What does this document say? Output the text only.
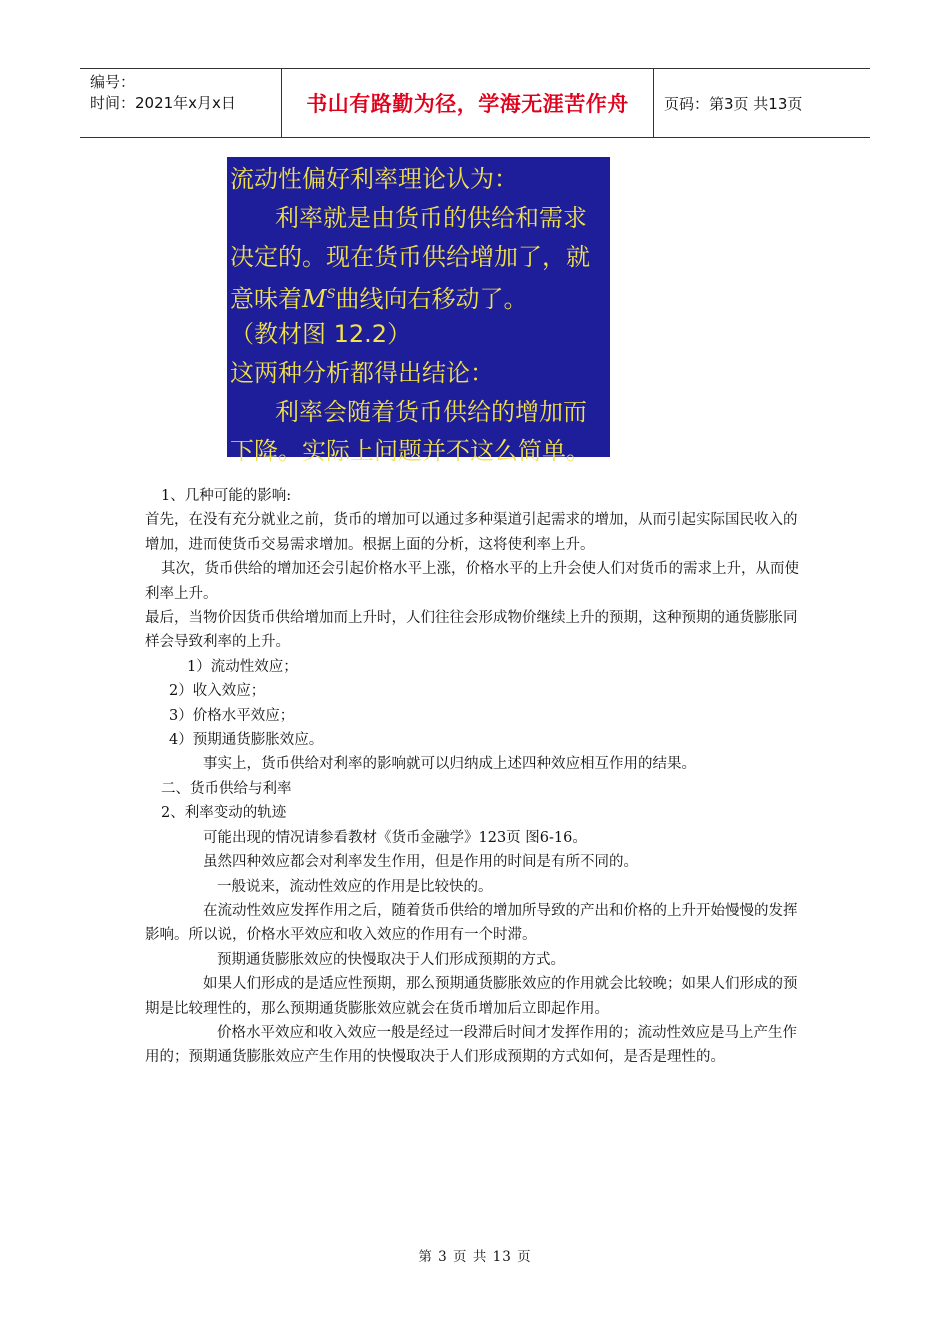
编号：
时间：2021年x月x日	书山有路勤为径，学海无涯苦作舟	页码：第3页 共13页
流动性偏好利率理论认为：
利率就是由货币的供给和需求
决定的。现在货币供给增加了，就
意味着$M^S$曲线向右移动了。
（教材图 12.2）
这两种分析都得出结论：
利率会随着货币供给的增加而
下降。实际上问题并不这么简单。

1、几种可能的影响:

首先，在没有充分就业之前，货币的增加可以通过多种渠道引起需求的增加，从而引起实际国民收入的增加，进而使货币交易需求增加。根据上面的分析，这将使利率上升。

其次，货币供给的增加还会引起价格水平上涨，价格水平的上升会使人们对货币的需求上升，从而使利率上升。

最后，当物价因货币供给增加而上升时，人们往往会形成物价继续上升的预期，这种预期的通货膨胀同样会导致利率的上升。

1）流动性效应；

2）收入效应；

3）价格水平效应；

4）预期通货膨胀效应。

事实上，货币供给对利率的影响就可以归纳成上述四种效应相互作用的结果。

二、货币供给与利率

2、利率变动的轨迹

可能出现的情况请参看教材《货币金融学》123页 图6-16。

虽然四种效应都会对利率发生作用，但是作用的时间是有所不同的。

一般说来，流动性效应的作用是比较快的。

在流动性效应发挥作用之后，随着货币供给的增加所导致的产出和价格的上升开始慢慢的发挥影响。所以说，价格水平效应和收入效应的作用有一个时滞。

预期通货膨胀效应的快慢取决于人们形成预期的方式。

如果人们形成的是适应性预期，那么预期通货膨胀效应的作用就会比较晚；如果人们形成的预期是比较理性的，那么预期通货膨胀效应就会在货币增加后立即起作用。

价格水平效应和收入效应一般是经过一段滞后时间才发挥作用的；流动性效应是马上产生作用的；预期通货膨胀效应产生作用的快慢取决于人们形成预期的方式如何，是否是理性的。

第 3 页 共 13 页
